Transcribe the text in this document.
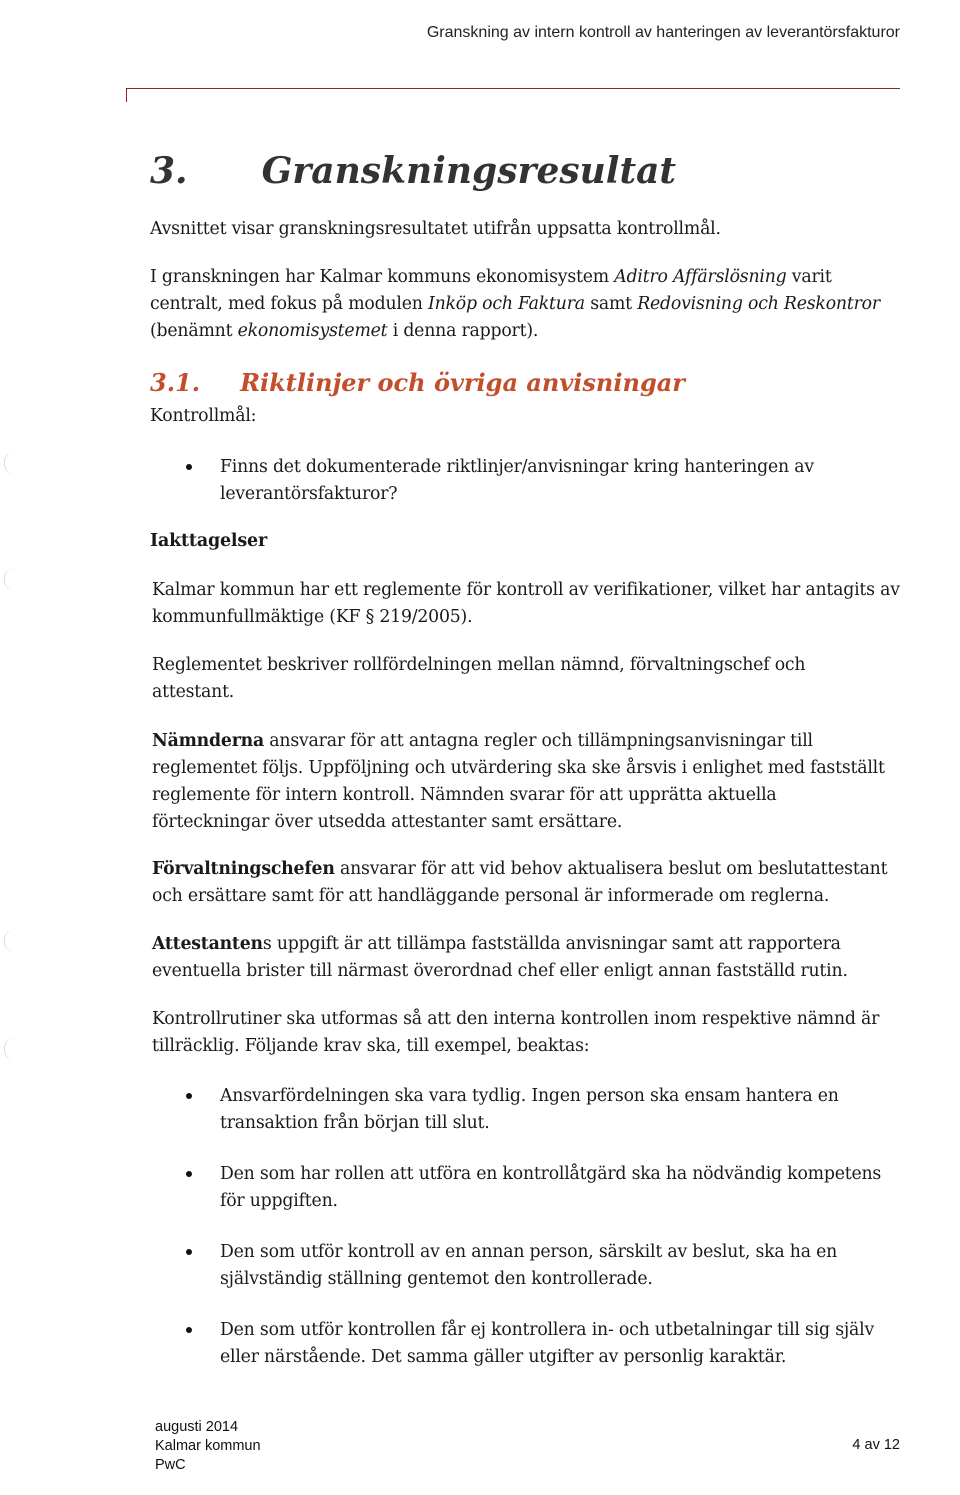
Granskning av intern kontroll av hanteringen av leverantörsfakturor
3. Granskningsresultat

Avsnittet visar granskningsresultatet utifrån uppsatta kontrollmål.

I granskningen har Kalmar kommuns ekonomisystem Aditro Affärslösning varit centralt, med fokus på modulen Inköp och Faktura samt Redovisning och Reskontror (benämnt ekonomisystemet i denna rapport).

3.1. Riktlinjer och övriga anvisningar

Kontrollmål:

Finns det dokumenterade riktlinjer/anvisningar kring hanteringen av leverantörsfakturor?

Iakttagelser

Kalmar kommun har ett reglemente för kontroll av verifikationer, vilket har antagits av kommunfullmäktige (KF § 219/2005).

Reglementet beskriver rollfördelningen mellan nämnd, förvaltningschef och attestant.

Nämnderna ansvarar för att antagna regler och tillämpningsanvisningar till reglementet följs. Uppföljning och utvärdering ska ske årsvis i enlighet med fastställt reglemente för intern kontroll. Nämnden svarar för att upprätta aktuella förteckningar över utsedda attestanter samt ersättare.

Förvaltningschefen ansvarar för att vid behov aktualisera beslut om beslutattestant och ersättare samt för att handläggande personal är informerade om reglerna.

Attestantens uppgift är att tillämpa fastställda anvisningar samt att rapportera eventuella brister till närmast överordnad chef eller enligt annan fastställd rutin.

Kontrollrutiner ska utformas så att den interna kontrollen inom respektive nämnd är tillräcklig. Följande krav ska, till exempel, beaktas:

Ansvarfördelningen ska vara tydlig. Ingen person ska ensam hantera en transaktion från början till slut.
Den som har rollen att utföra en kontrollåtgärd ska ha nödvändig kompetens för uppgiften.
Den som utför kontroll av en annan person, särskilt av beslut, ska ha en självständig ställning gentemot den kontrollerade.
Den som utför kontrollen får ej kontrollera in- och utbetalningar till sig själv eller närstående. Det samma gäller utgifter av personlig karaktär.
augusti 2014
Kalmar kommun
PwC
4 av 12
